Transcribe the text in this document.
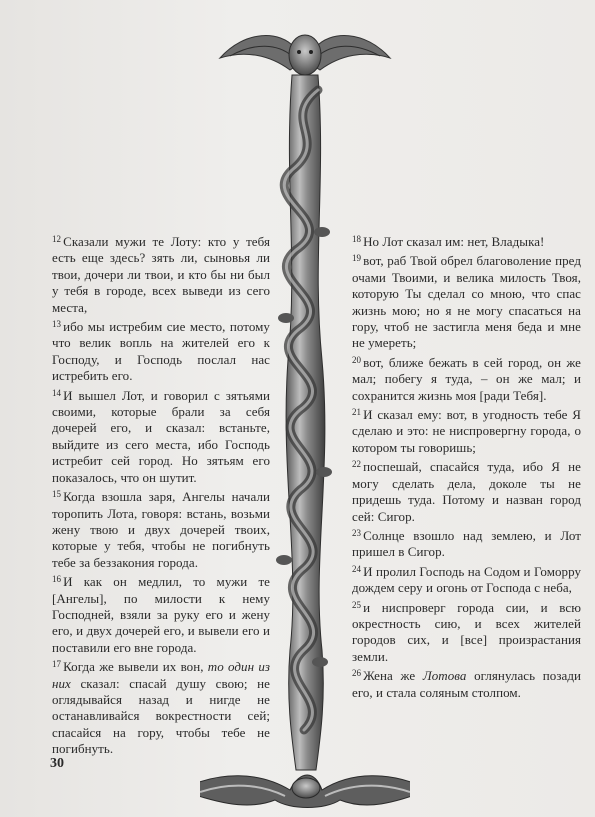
$^{12}$ Сказали мужи те Лоту: кто у тебя есть еще здесь? зять ли, сыновья ли твои, дочери ли твои, и кто бы ни был у тебя в городе, всех выведи из сего места,

$^{13}$ ибо мы истребим сие место, потому что велик вопль на жителей его к Господу, и Господь послал нас истребить его.

$^{14}$ И вышел Лот, и говорил с зятьями своими, которые брали за себя дочерей его, и сказал: встаньте, выйдите из сего места, ибо Господь истребит сей город. Но зятьям его показалось, что он шутит.

$^{15}$ Когда взошла заря, Ангелы начали торопить Лота, говоря: встань, возьми жену твою и двух дочерей твоих, которые у тебя, чтобы не погибнуть тебе за беззакония города.

$^{16}$ И как он медлил, то мужи те [Ангелы], по милости к нему Господней, взяли за руку его и жену его, и двух дочерей его, и вывели его и поставили его вне города.

$^{17}$ Когда же вывели их вон, то один из них сказал: спасай душу свою; не оглядывайся назад и нигде не останавливайся вокрестности сей; спасайся на гору, чтобы тебе не погибнуть.

$^{18}$ Но Лот сказал им: нет, Владыка!

$^{19}$ вот, раб Твой обрел благоволение пред очами Твоими, и велика милость Твоя, которую Ты сделал со мною, что спас жизнь мою; но я не могу спасаться на гору, чтоб не застигла меня беда и мне не умереть;

$^{20}$ вот, ближе бежать в сей город, он же мал; побегу я туда, – он же мал; и сохранится жизнь моя [ради Тебя].

$^{21}$ И сказал ему: вот, в угодность тебе Я сделаю и это: не ниспровергну города, о котором ты говоришь;

$^{22}$ поспешай, спасайся туда, ибо Я не могу сделать дела, доколе ты не придешь туда. Потому и назван город сей: Сигор.

$^{23}$ Солнце взошло над землею, и Лот пришел в Сигор.

$^{24}$ И пролил Господь на Содом и Гоморру дождем серу и огонь от Господа с неба,

$^{25}$ и ниспроверг города сии, и всю окрестность сию, и всех жителей городов сих, и [все] произрастания земли.

$^{26}$ Жена же Лотова оглянулась позади его, и стала соляным столпом.

30
